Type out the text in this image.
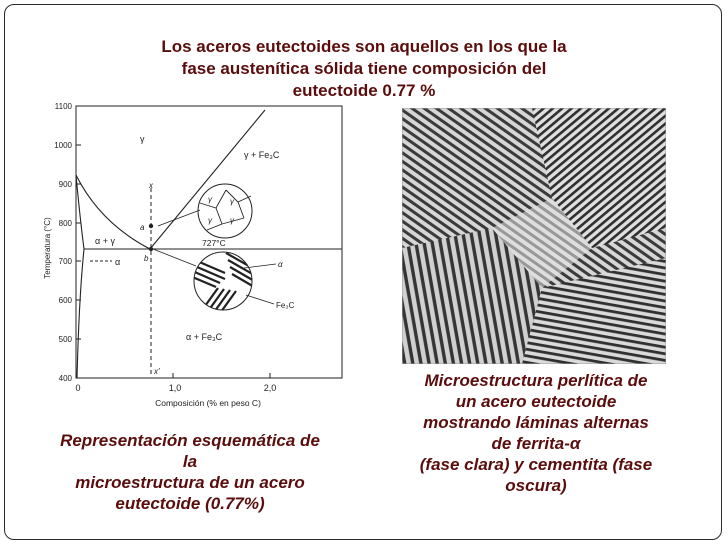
Los aceros eutectoides son aquellos en los que la
fase austenítica sólida tiene composición del
eutectoide 0.77 %
1100
1000
900
800
700
600
500
400
0	1,0	2,0
Temperatura (°C)
Composición (% en peso C)
γ
γ + Fe₃C
α + γ
α
α + Fe₃C
727°C
a
b
x
x'
γ γ
γ γ
α
Fe₃C
Representación esquemática de
la
microestructura de un acero
eutectoide (0.77%)
Microestructura perlítica de
un acero eutectoide
mostrando láminas alternas
de ferrita-α
(fase clara) y cementita (fase
oscura)
